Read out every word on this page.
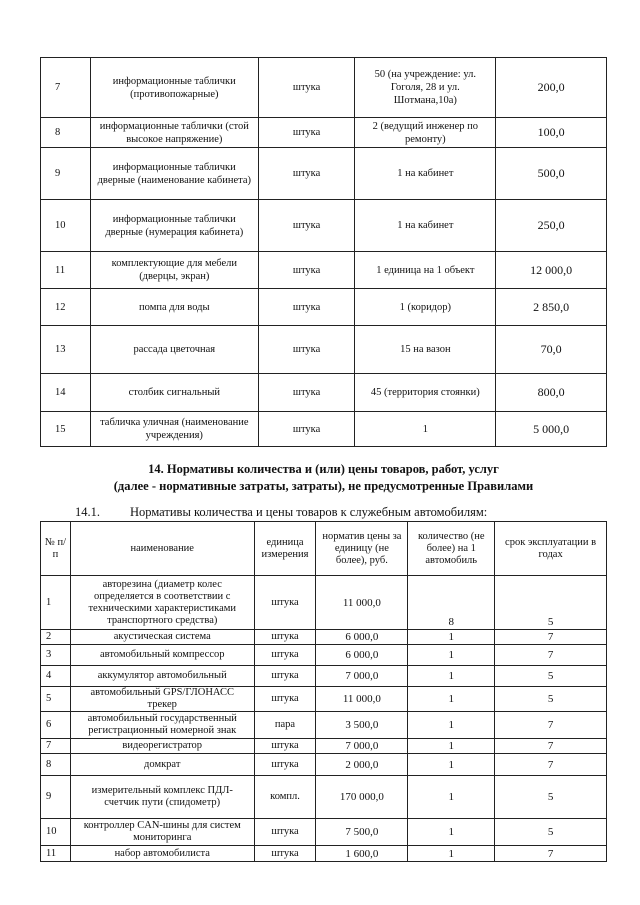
7	информационные таблички (противопожарные)	штука	50 (на учреждение: ул. Гоголя, 28 и ул. Шотмана,10а)	200,0
8	информационные таблички (стой высокое напряжение)	штука	2 (ведущий инженер по ремонту)	100,0
9	информационные таблички дверные (наименование кабинета)	штука	1 на кабинет	500,0
10	информационные таблички дверные (нумерация кабинета)	штука	1 на кабинет	250,0
11	комплектующие для мебели (дверцы, экран)	штука	1 единица на 1 объект	12 000,0
12	помпа для воды	штука	1 (коридор)	2 850,0
13	рассада цветочная	штука	15 на вазон	70,0
14	столбик сигнальный	штука	45 (территория стоянки)	800,0
15	табличка уличная (наименование учреждения)	штука	1	5 000,0
14. Нормативы количества и (или) цены товаров, работ, услуг
(далее - нормативные затраты, затраты), не предусмотренные Правилами
14.1. Нормативы количества и цены товаров к служебным автомобилям:
№ п/п	наименование	единица измерения	норматив цены за единицу (не более), руб.	количество (не более) на 1 автомобиль	срок эксплуатации в годах
1	авторезина (диаметр колес определяется в соответствии с техническими характеристиками транспортного средства)	штука	11 000,0	8	5
2	акустическая система	штука	6 000,0	1	7
3	автомобильный компрессор	штука	6 000,0	1	7
4	аккумулятор автомобильный	штука	7 000,0	1	5
5	автомобильный GPS/ГЛОНАСС трекер	штука	11 000,0	1	5
6	автомобильный государственный регистрационный номерной знак	пара	3 500,0	1	7
7	видеорегистратор	штука	7 000,0	1	7
8	домкрат	штука	2 000,0	1	7
9	измерительный комплекс ПДЛ-счетчик пути (спидометр)	компл.	170 000,0	1	5
10	контроллер CAN-шины для систем мониторинга	штука	7 500,0	1	5
11	набор автомобилиста	штука	1 600,0	1	7
